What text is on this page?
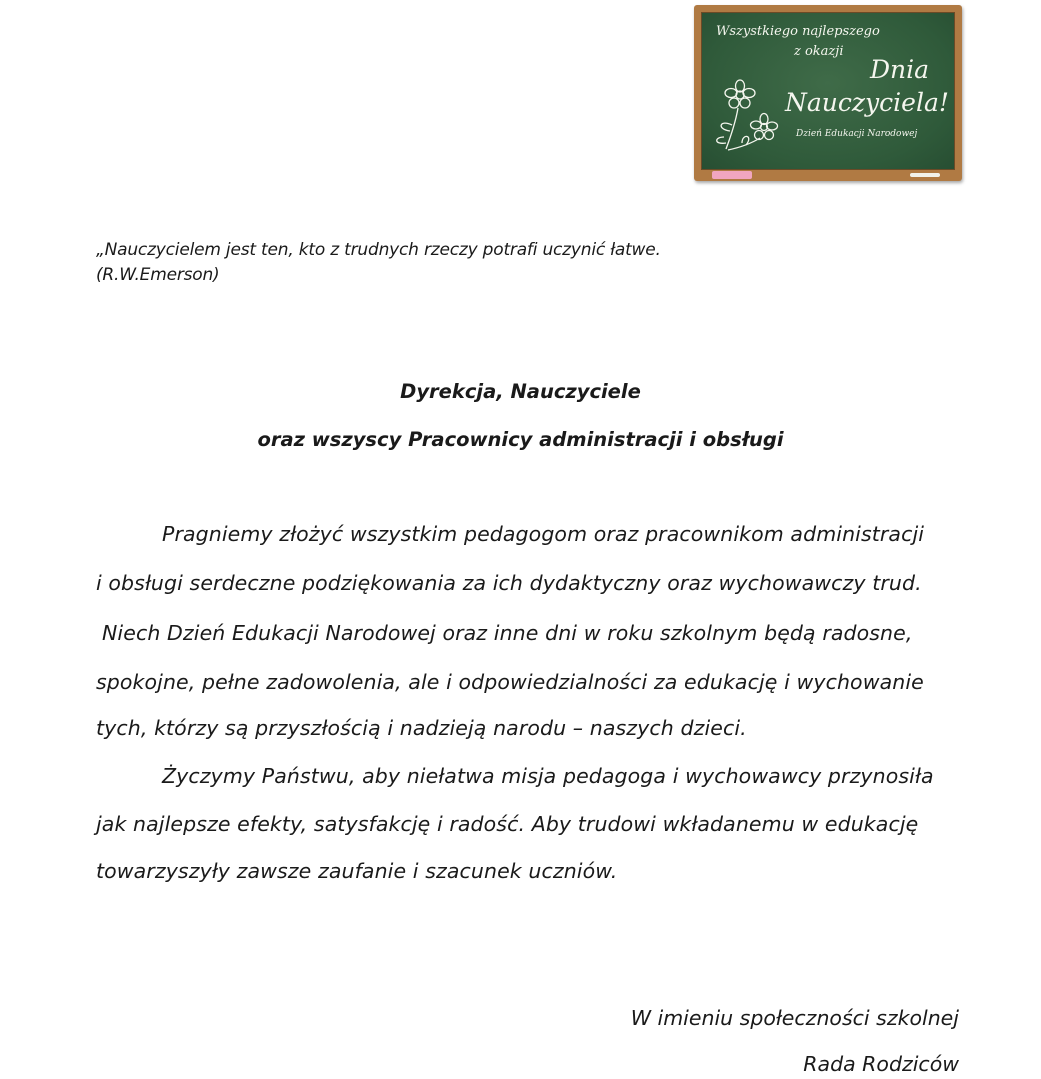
Wszystkiego najlepszego
z okazji
Dnia
Nauczyciela!
Dzień Edukacji Narodowej
„Nauczycielem jest ten, kto z trudnych rzeczy potrafi uczynić łatwe.
(R.W.Emerson)
Dyrekcja, Nauczyciele
oraz wszyscy Pracownicy administracji i obsługi
Pragniemy złożyć wszystkim pedagogom oraz pracownikom administracji
i obsługi serdeczne podziękowania za ich dydaktyczny oraz wychowawczy trud.
Niech Dzień Edukacji Narodowej oraz inne dni w roku szkolnym będą radosne,
spokojne, pełne zadowolenia, ale i odpowiedzialności za edukację i wychowanie
tych, którzy są przyszłością i nadzieją narodu – naszych dzieci.
Życzymy Państwu, aby niełatwa misja pedagoga i wychowawcy przynosiła
jak najlepsze efekty, satysfakcję i radość. Aby trudowi wkładanemu w edukację
towarzyszyły zawsze zaufanie i szacunek uczniów.
W imieniu społeczności szkolnej
Rada Rodziców
